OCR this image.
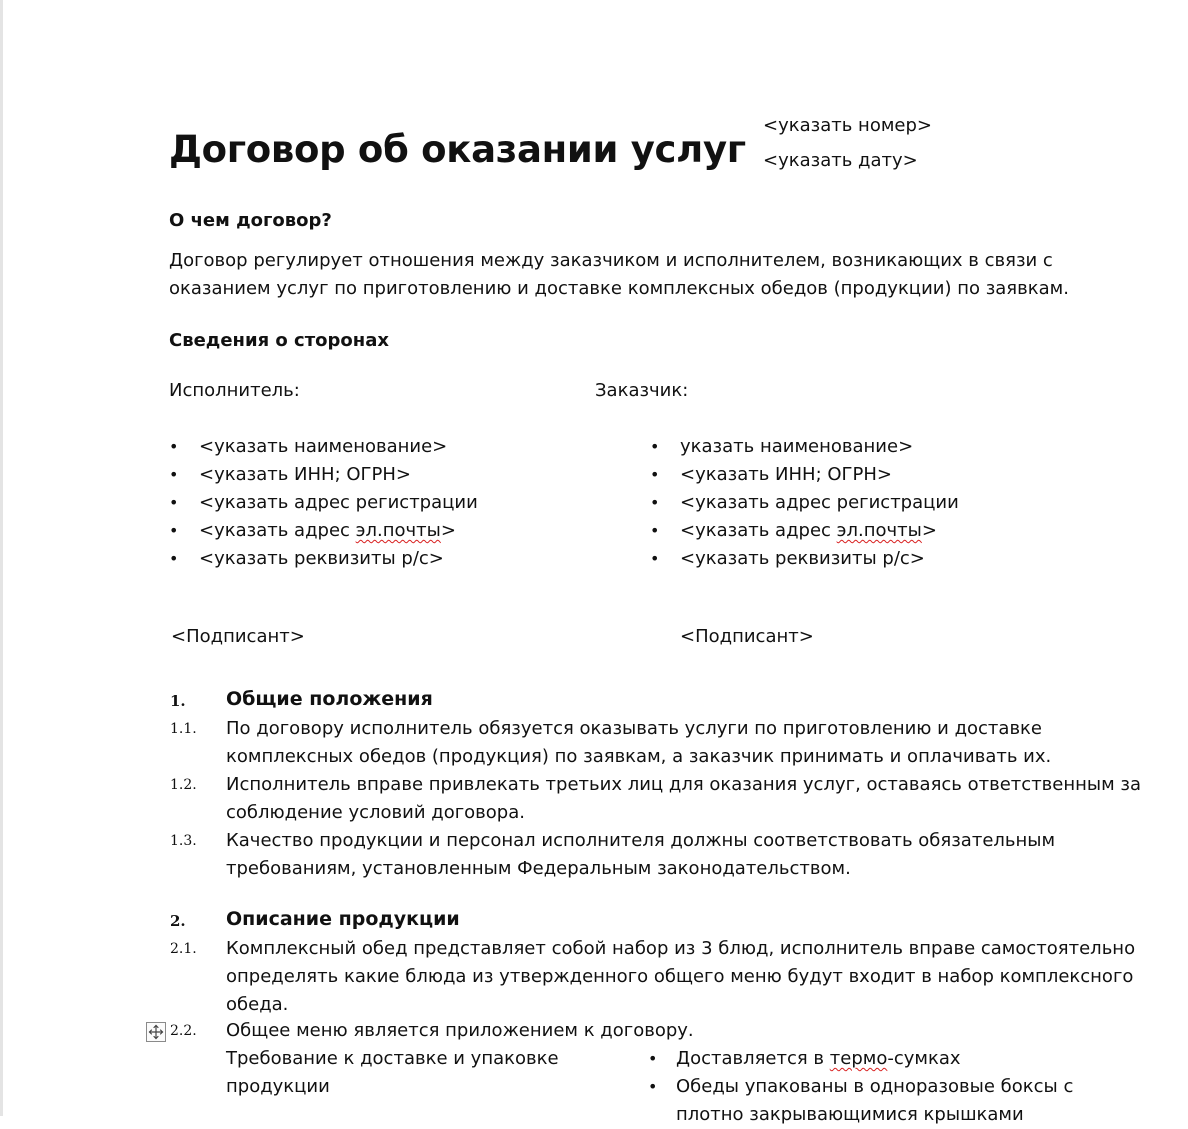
Договор об оказании услуг
<указать номер>
<указать дату>
О чем договор?
Договор регулирует отношения между заказчиком и исполнителем, возникающих в связи с
оказанием услуг по приготовлению и доставке комплексных обедов (продукции) по заявкам.
Сведения о сторонах
Исполнитель:	Заказчик:
• <указать наименование>
• <указать ИНН; ОГРН>
• <указать адрес регистрации
• <указать адрес эл.почты>
• <указать реквизиты р/с>
• указать наименование>
• <указать ИНН; ОГРН>
• <указать адрес регистрации
• <указать адрес эл.почты>
• <указать реквизиты р/с>
<Подписант>	<Подписант>
1. Общие положения
1.1. По договору исполнитель обязуется оказывать услуги по приготовлению и доставке
комплексных обедов (продукция) по заявкам, а заказчик принимать и оплачивать их.
1.2. Исполнитель вправе привлекать третьих лиц для оказания услуг, оставаясь ответственным за
соблюдение условий договора.
1.3. Качество продукции и персонал исполнителя должны соответствовать обязательным
требованиям, установленным Федеральным законодательством.
2. Описание продукции
2.1. Комплексный обед представляет собой набор из 3 блюд, исполнитель вправе самостоятельно
определять какие блюда из утвержденного общего меню будут входит в набор комплексного
обеда.
2.2. Общее меню является приложением к договору.
Требование к доставке и упаковке
продукции
• Доставляется в термо-сумках
• Обеды упакованы в одноразовые боксы с
плотно закрывающимися крышками
